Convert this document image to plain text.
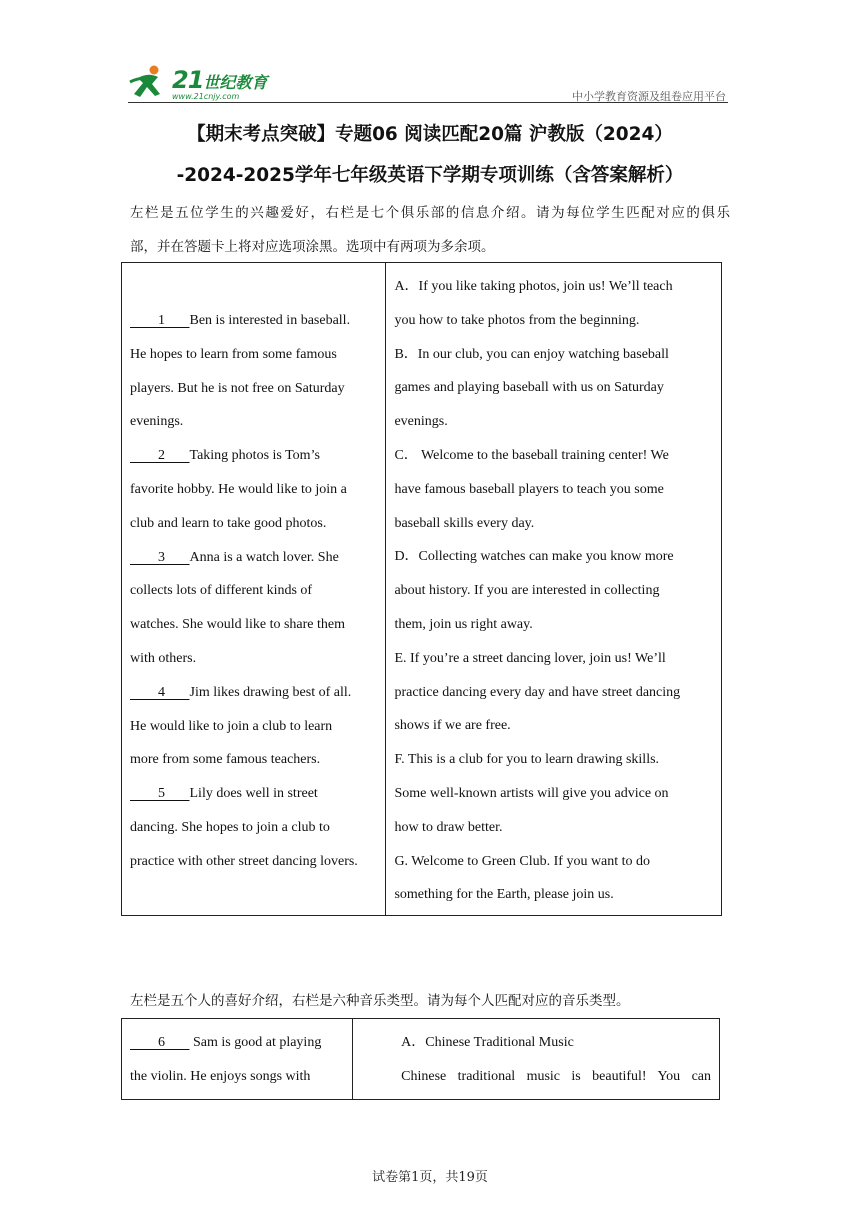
21世纪教育
www.21cnjy.com	中小学教育资源及组卷应用平台
【期末考点突破】专题06 阅读匹配20篇 沪教版（2024）
-2024-2025学年七年级英语下学期专项训练（含答案解析）
左栏是五位学生的兴趣爱好，右栏是七个俱乐部的信息介绍。请为每位学生匹配对应的俱乐
部，并在答题卡上将对应选项涂黑。选项中有两项为多余项。
1 Ben is interested in baseball.
He hopes to learn from some famous
players. But he is not free on Saturday
evenings.
2 Taking photos is Tom’s
favorite hobby. He would like to join a
club and learn to take good photos.
3 Anna is a watch lover. She
collects lots of different kinds of
watches. She would like to share them
with others.
4 Jim likes drawing best of all.
He would like to join a club to learn
more from some famous teachers.
5 Lily does well in street
dancing. She hopes to join a club to
practice with other street dancing lovers.

A．If you like taking photos, join us! We’ll teach
you how to take photos from the beginning.
B．In our club, you can enjoy watching baseball
games and playing baseball with us on Saturday
evenings.
C． Welcome to the baseball training center! We
have famous baseball players to teach you some
baseball skills every day.
D．Collecting watches can make you know more
about history. If you are interested in collecting
them, join us right away.
E. If you’re a street dancing lover, join us! We’ll
practice dancing every day and have street dancing
shows if we are free.
F. This is a club for you to learn drawing skills.
Some well-known artists will give you advice on
how to draw better.
G. Welcome to Green Club. If you want to do
something for the Earth, please join us.
左栏是五个人的喜好介绍，右栏是六种音乐类型。请为每个人匹配对应的音乐类型。
6        Sam is good at playing
the violin. He enjoys songs with

A．Chinese Traditional Music
Chinese traditional music is beautiful! You can
试卷第1页，共19页
